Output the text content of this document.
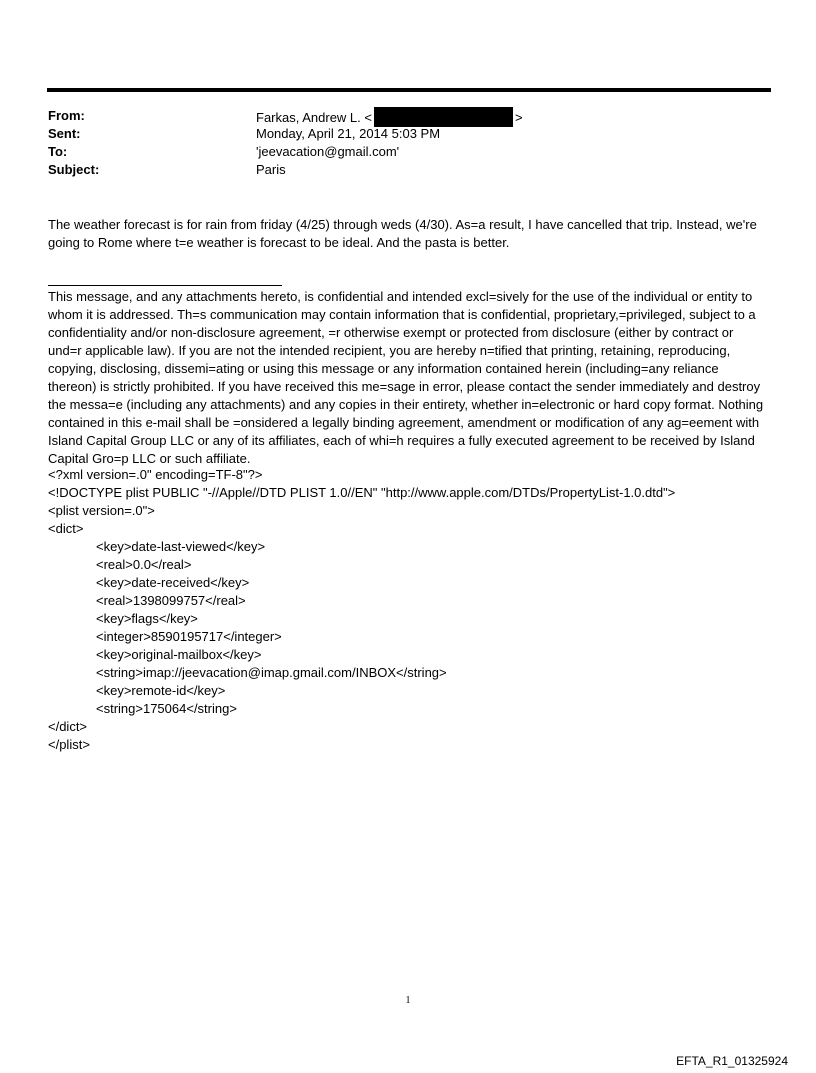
From:	Farkas, Andrew L. <	>
Sent:	Monday, April 21, 2014 5:03 PM
To:	'jeevacation@gmail.com'
Subject:	Paris

The weather forecast is for rain from friday (4/25) through weds (4/30). As=a result, I have cancelled that trip. Instead, we're going to Rome where t=e weather is forecast to be ideal. And the pasta is better.

This message, and any attachments hereto, is confidential and intended excl=sively for the use of the individual or entity to whom it is addressed. Th=s communication may contain information that is confidential, proprietary,=privileged, subject to a confidentiality and/or non-disclosure agreement, =r otherwise exempt or protected from disclosure (either by contract or und=r applicable law). If you are not the intended recipient, you are hereby n=tified that printing, retaining, reproducing, copying, disclosing, dissemi=ating or using this message or any information contained herein (including=any reliance thereon) is strictly prohibited. If you have received this me=sage in error, please contact the sender immediately and destroy the messa=e (including any attachments) and any copies in their entirety, whether in=electronic or hard copy format. Nothing contained in this e-mail shall be =onsidered a legally binding agreement, amendment or modification of any ag=eement with Island Capital Group LLC or any of its affiliates, each of whi=h requires a fully executed agreement to be received by Island Capital Gro=p LLC or such affiliate.

<?xml version=.0" encoding=TF-8"?>
<!DOCTYPE plist PUBLIC "-//Apple//DTD PLIST 1.0//EN" "http://www.apple.com/DTDs/PropertyList-1.0.dtd">
<plist version=.0">
<dict>
<key>date-last-viewed</key>
<real>0.0</real>
<key>date-received</key>
<real>1398099757</real>
<key>flags</key>
<integer>8590195717</integer>
<key>original-mailbox</key>
<string>imap://jeevacation@imap.gmail.com/INBOX</string>
<key>remote-id</key>
<string>175064</string>
</dict>
</plist>
1
EFTA_R1_01325924
